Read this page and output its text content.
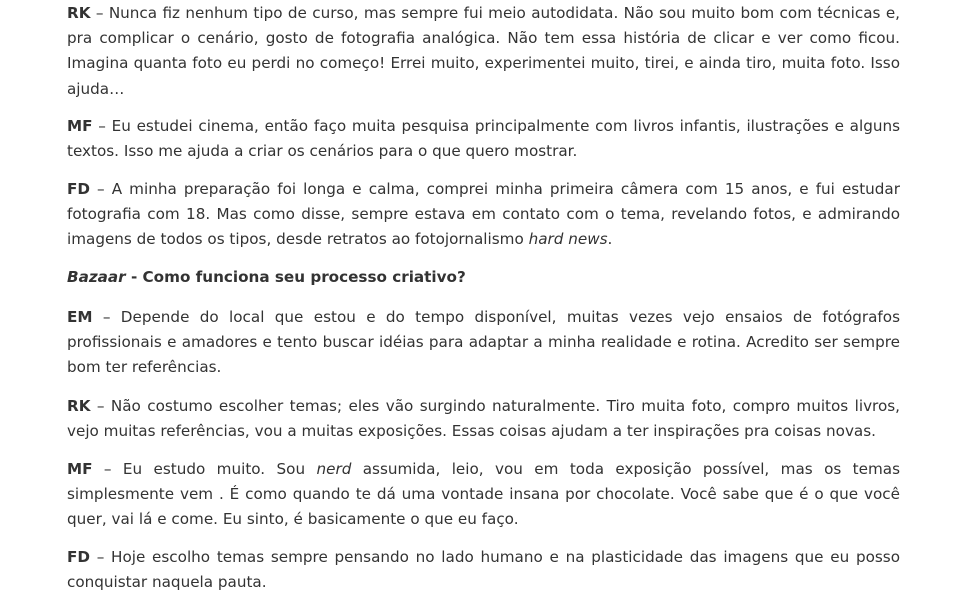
RK – Nunca fiz nenhum tipo de curso, mas sempre fui meio autodidata. Não sou muito bom com técnicas e, pra complicar o cenário, gosto de fotografia analógica. Não tem essa história de clicar e ver como ficou. Imagina quanta foto eu perdi no começo! Errei muito, experimentei muito, tirei, e ainda tiro, muita foto. Isso ajuda…

MF – Eu estudei cinema, então faço muita pesquisa principalmente com livros infantis, ilustrações e alguns textos. Isso me ajuda a criar os cenários para o que quero mostrar.

FD – A minha preparação foi longa e calma, comprei minha primeira câmera com 15 anos, e fui estudar fotografia com 18. Mas como disse, sempre estava em contato com o tema, revelando fotos, e admirando imagens de todos os tipos, desde retratos ao fotojornalismo hard news.

Bazaar - Como funciona seu processo criativo?

EM – Depende do local que estou e do tempo disponível, muitas vezes vejo ensaios de fotógrafos profissionais e amadores e tento buscar idéias para adaptar a minha realidade e rotina. Acredito ser sempre bom ter referências.

RK – Não costumo escolher temas; eles vão surgindo naturalmente. Tiro muita foto, compro muitos livros, vejo muitas referências, vou a muitas exposições. Essas coisas ajudam a ter inspirações pra coisas novas.

MF – Eu estudo muito. Sou nerd assumida, leio, vou em toda exposição possível, mas os temas simplesmente vem . É como quando te dá uma vontade insana por chocolate. Você sabe que é o que você quer, vai lá e come. Eu sinto, é basicamente o que eu faço.

FD – Hoje escolho temas sempre pensando no lado humano e na plasticidade das imagens que eu posso conquistar naquela pauta.
